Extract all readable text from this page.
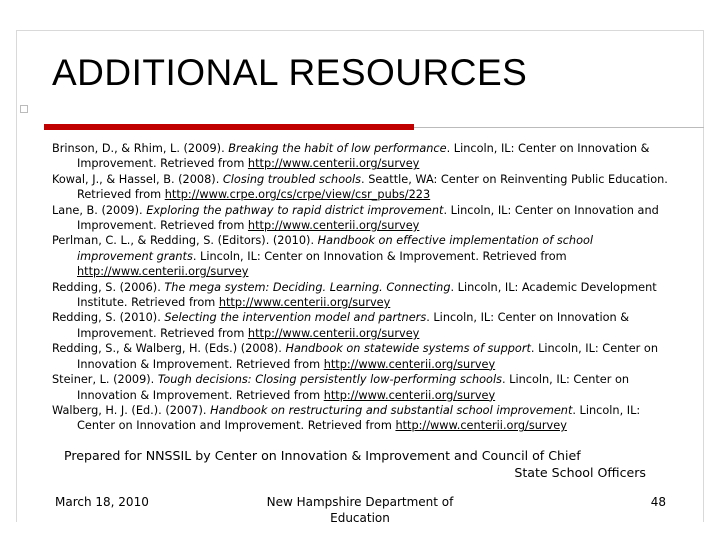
ADDITIONAL RESOURCES

Brinson, D., & Rhim, L. (2009). Breaking the habit of low performance. Lincoln, IL: Center on Innovation & Improvement. Retrieved from http://www.centerii.org/survey

Kowal, J., & Hassel, B. (2008). Closing troubled schools. Seattle, WA: Center on Reinventing Public Education. Retrieved from http://www.crpe.org/cs/crpe/view/csr_pubs/223

Lane, B. (2009). Exploring the pathway to rapid district improvement. Lincoln, IL: Center on Innovation and Improvement. Retrieved from http://www.centerii.org/survey

Perlman, C. L., & Redding, S. (Editors). (2010). Handbook on effective implementation of school improvement grants. Lincoln, IL: Center on Innovation & Improvement. Retrieved from http://www.centerii.org/survey

Redding, S. (2006). The mega system: Deciding. Learning. Connecting. Lincoln, IL: Academic Development Institute. Retrieved from http://www.centerii.org/survey

Redding, S. (2010). Selecting the intervention model and partners. Lincoln, IL: Center on Innovation & Improvement. Retrieved from http://www.centerii.org/survey

Redding, S., & Walberg, H. (Eds.) (2008). Handbook on statewide systems of support. Lincoln, IL: Center on Innovation & Improvement. Retrieved from http://www.centerii.org/survey

Steiner, L. (2009). Tough decisions: Closing persistently low-performing schools. Lincoln, IL: Center on Innovation & Improvement. Retrieved from http://www.centerii.org/survey

Walberg, H. J. (Ed.). (2007). Handbook on restructuring and substantial school improvement. Lincoln, IL: Center on Innovation and Improvement. Retrieved from http://www.centerii.org/survey

Prepared for NNSSIL by Center on Innovation & Improvement and Council of Chief
State School Officers
March 18, 2010	New Hampshire Department of Education
48
